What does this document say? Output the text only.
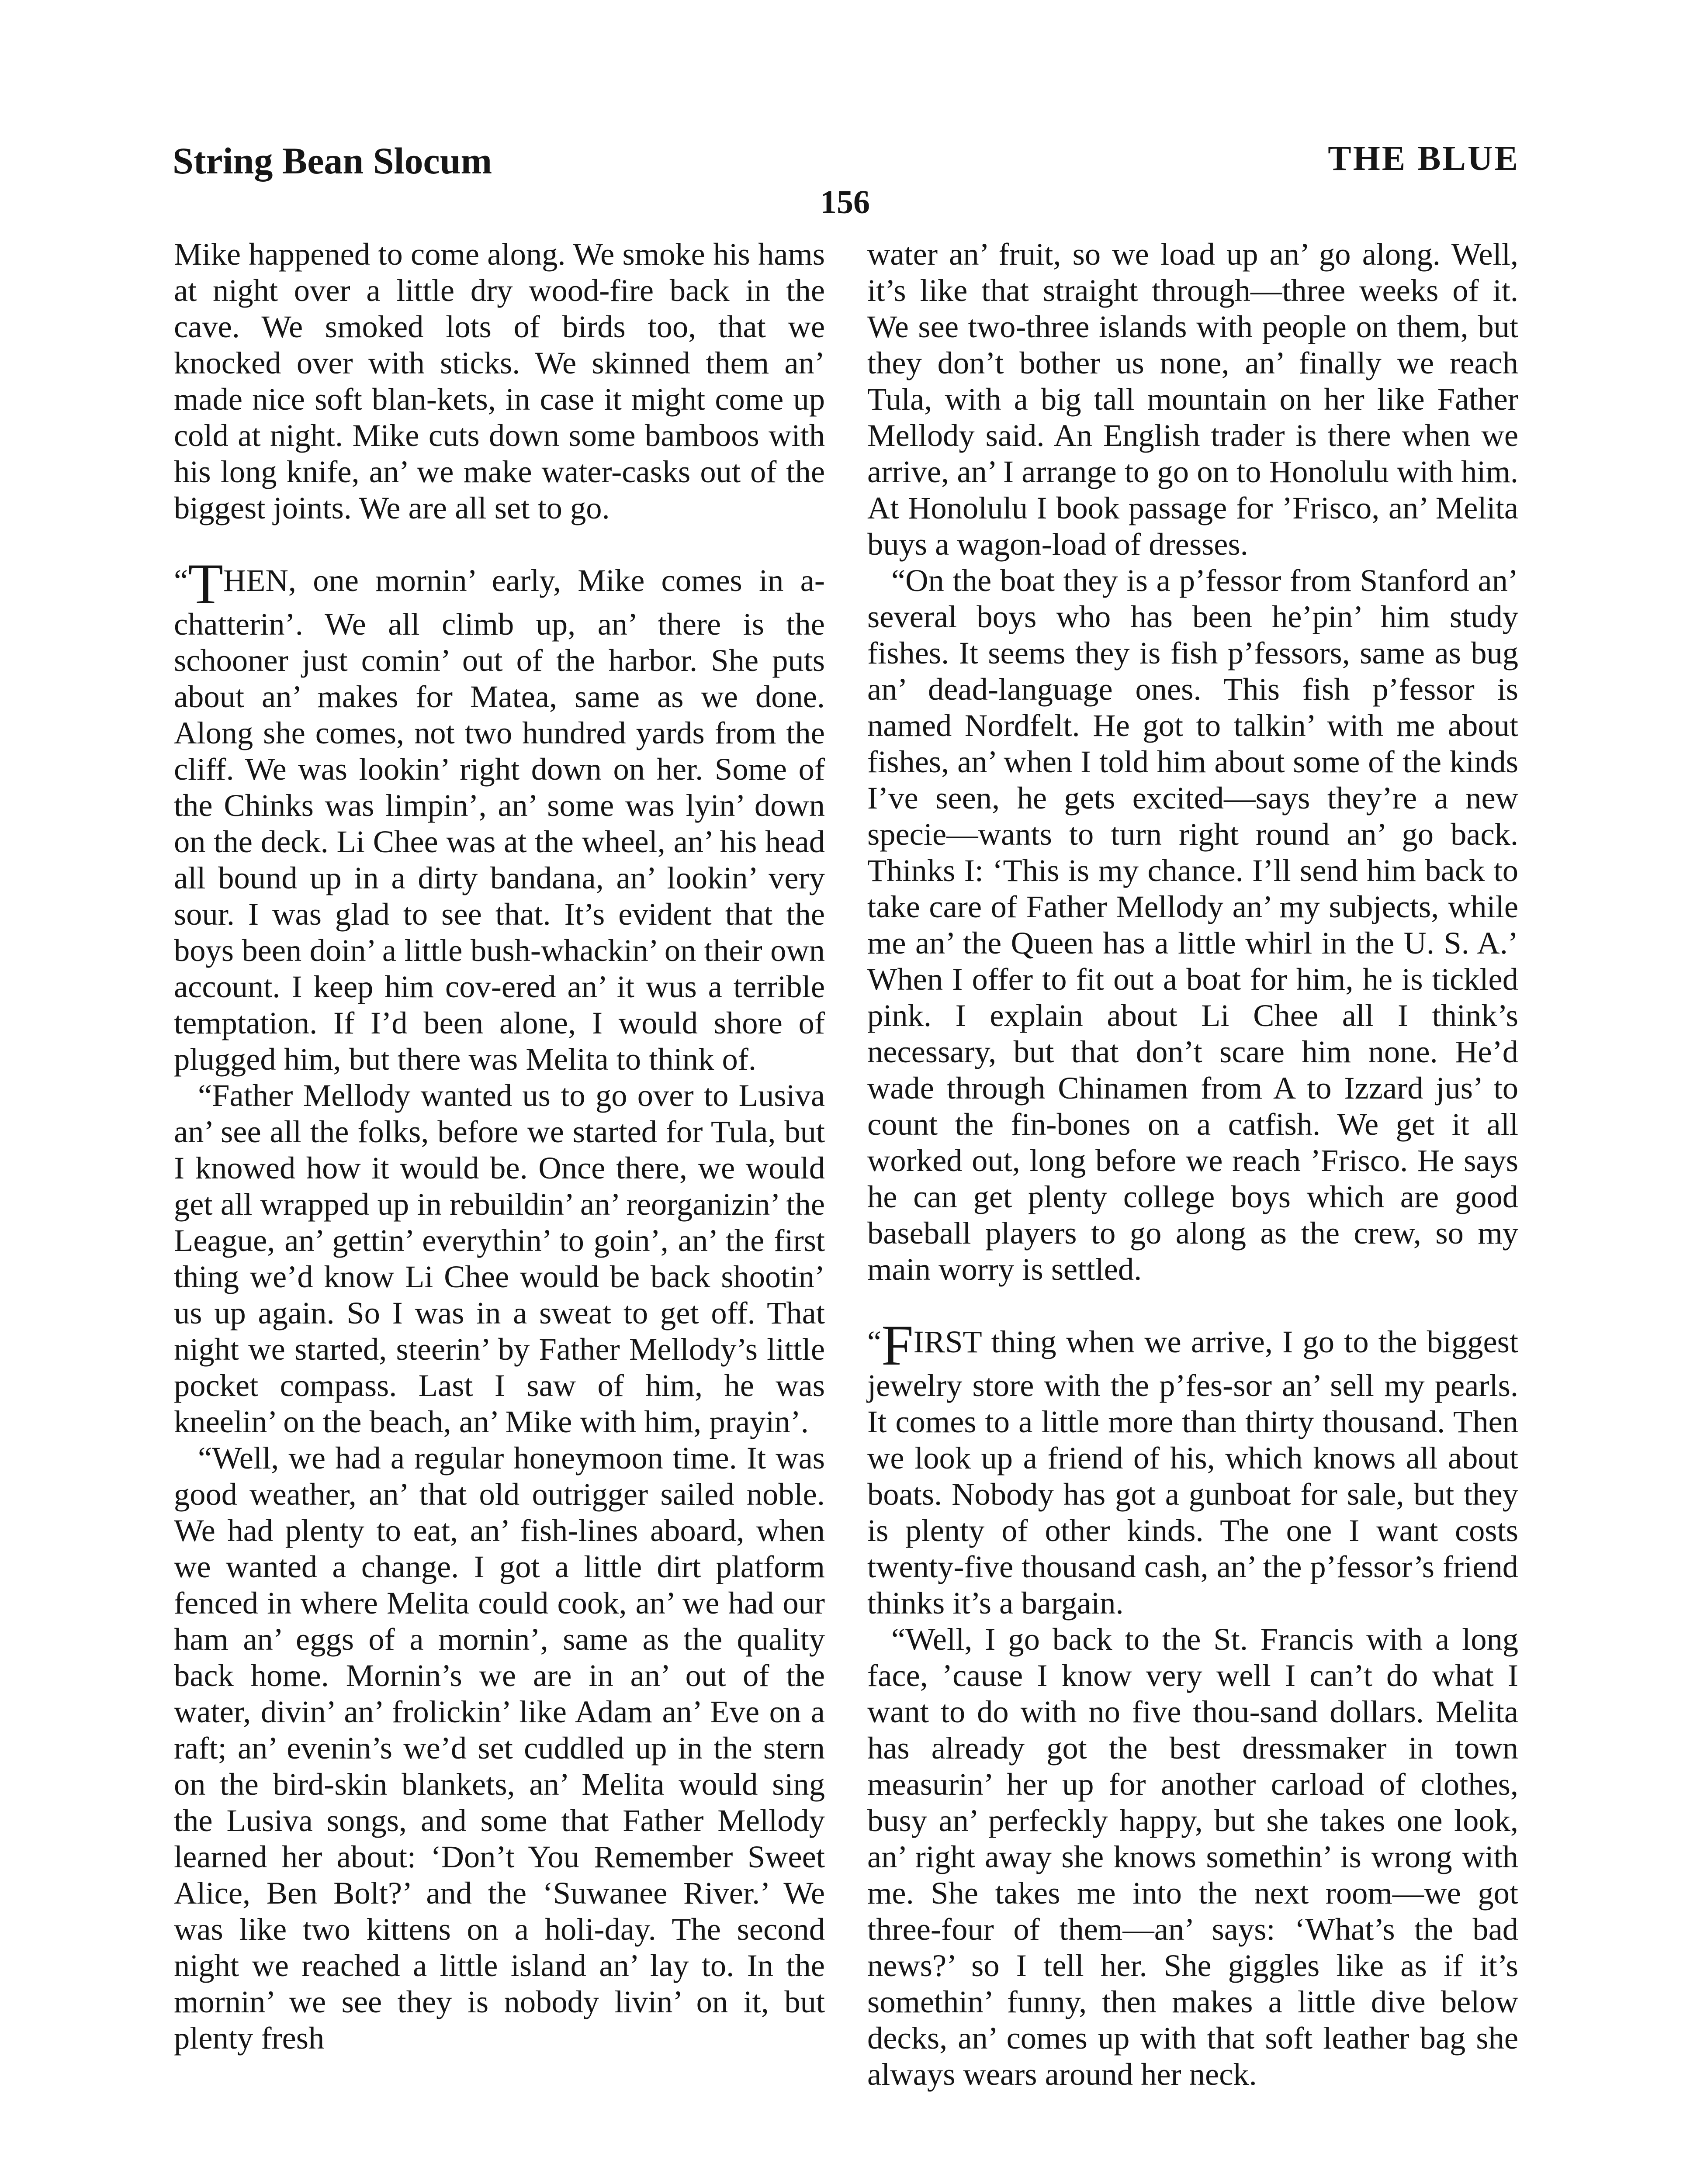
String Bean Slocum	THE BLUE
156

Mike happened to come along. We smoke his hams at night over a little dry wood-fire back in the cave. We smoked lots of birds too, that we knocked over with sticks. We skinned them an’ made nice soft blan-kets, in case it might come up cold at night. Mike cuts down some bamboos with his long knife, an’ we make water-casks out of the biggest joints. We are all set to go.

“THEN, one mornin’ early, Mike comes in a-chatterin’. We all climb up, an’ there is the schooner just comin’ out of the harbor. She puts about an’ makes for Matea, same as we done. Along she comes, not two hundred yards from the cliff. We was lookin’ right down on her. Some of the Chinks was limpin’, an’ some was lyin’ down on the deck. Li Chee was at the wheel, an’ his head all bound up in a dirty bandana, an’ lookin’ very sour. I was glad to see that. It’s evident that the boys been doin’ a little bush-whackin’ on their own account. I keep him cov-ered an’ it wus a terrible temptation. If I’d been alone, I would shore of plugged him, but there was Melita to think of.

“Father Mellody wanted us to go over to Lusiva an’ see all the folks, before we started for Tula, but I knowed how it would be. Once there, we would get all wrapped up in rebuildin’ an’ reorganizin’ the League, an’ gettin’ everythin’ to goin’, an’ the first thing we’d know Li Chee would be back shootin’ us up again. So I was in a sweat to get off. That night we started, steerin’ by Father Mellody’s little pocket compass. Last I saw of him, he was kneelin’ on the beach, an’ Mike with him, prayin’.

“Well, we had a regular honeymoon time. It was good weather, an’ that old outrigger sailed noble. We had plenty to eat, an’ fish-lines aboard, when we wanted a change. I got a little dirt platform fenced in where Melita could cook, an’ we had our ham an’ eggs of a mornin’, same as the quality back home. Mornin’s we are in an’ out of the water, divin’ an’ frolickin’ like Adam an’ Eve on a raft; an’ evenin’s we’d set cuddled up in the stern on the bird-skin blankets, an’ Melita would sing the Lusiva songs, and some that Father Mellody learned her about: ‘Don’t You Remember Sweet Alice, Ben Bolt?’ and the ‘Suwanee River.’ We was like two kittens on a holi-day. The second night we reached a little island an’ lay to. In the mornin’ we see they is nobody livin’ on it, but plenty fresh

water an’ fruit, so we load up an’ go along. Well, it’s like that straight through—three weeks of it. We see two-three islands with people on them, but they don’t bother us none, an’ finally we reach Tula, with a big tall mountain on her like Father Mellody said. An English trader is there when we arrive, an’ I arrange to go on to Honolulu with him. At Honolulu I book passage for ’Frisco, an’ Melita buys a wagon-load of dresses.

“On the boat they is a p’fessor from Stanford an’ several boys who has been he’pin’ him study fishes. It seems they is fish p’fessors, same as bug an’ dead-language ones. This fish p’fessor is named Nordfelt. He got to talkin’ with me about fishes, an’ when I told him about some of the kinds I’ve seen, he gets excited—says they’re a new specie—wants to turn right round an’ go back. Thinks I: ‘This is my chance. I’ll send him back to take care of Father Mellody an’ my subjects, while me an’ the Queen has a little whirl in the U. S. A.’ When I offer to fit out a boat for him, he is tickled pink. I explain about Li Chee all I think’s necessary, but that don’t scare him none. He’d wade through Chinamen from A to Izzard jus’ to count the fin-bones on a catfish. We get it all worked out, long before we reach ’Frisco. He says he can get plenty college boys which are good baseball players to go along as the crew, so my main worry is settled.

“FIRST thing when we arrive, I go to the biggest jewelry store with the p’fes-sor an’ sell my pearls. It comes to a little more than thirty thousand. Then we look up a friend of his, which knows all about boats. Nobody has got a gunboat for sale, but they is plenty of other kinds. The one I want costs twenty-five thousand cash, an’ the p’fessor’s friend thinks it’s a bargain.

“Well, I go back to the St. Francis with a long face, ’cause I know very well I can’t do what I want to do with no five thou-sand dollars. Melita has already got the best dressmaker in town measurin’ her up for another carload of clothes, busy an’ perfeckly happy, but she takes one look, an’ right away she knows somethin’ is wrong with me. She takes me into the next room—we got three-four of them—an’ says: ‘What’s the bad news?’ so I tell her. She giggles like as if it’s somethin’ funny, then makes a little dive below decks, an’ comes up with that soft leather bag she always wears around her neck.
